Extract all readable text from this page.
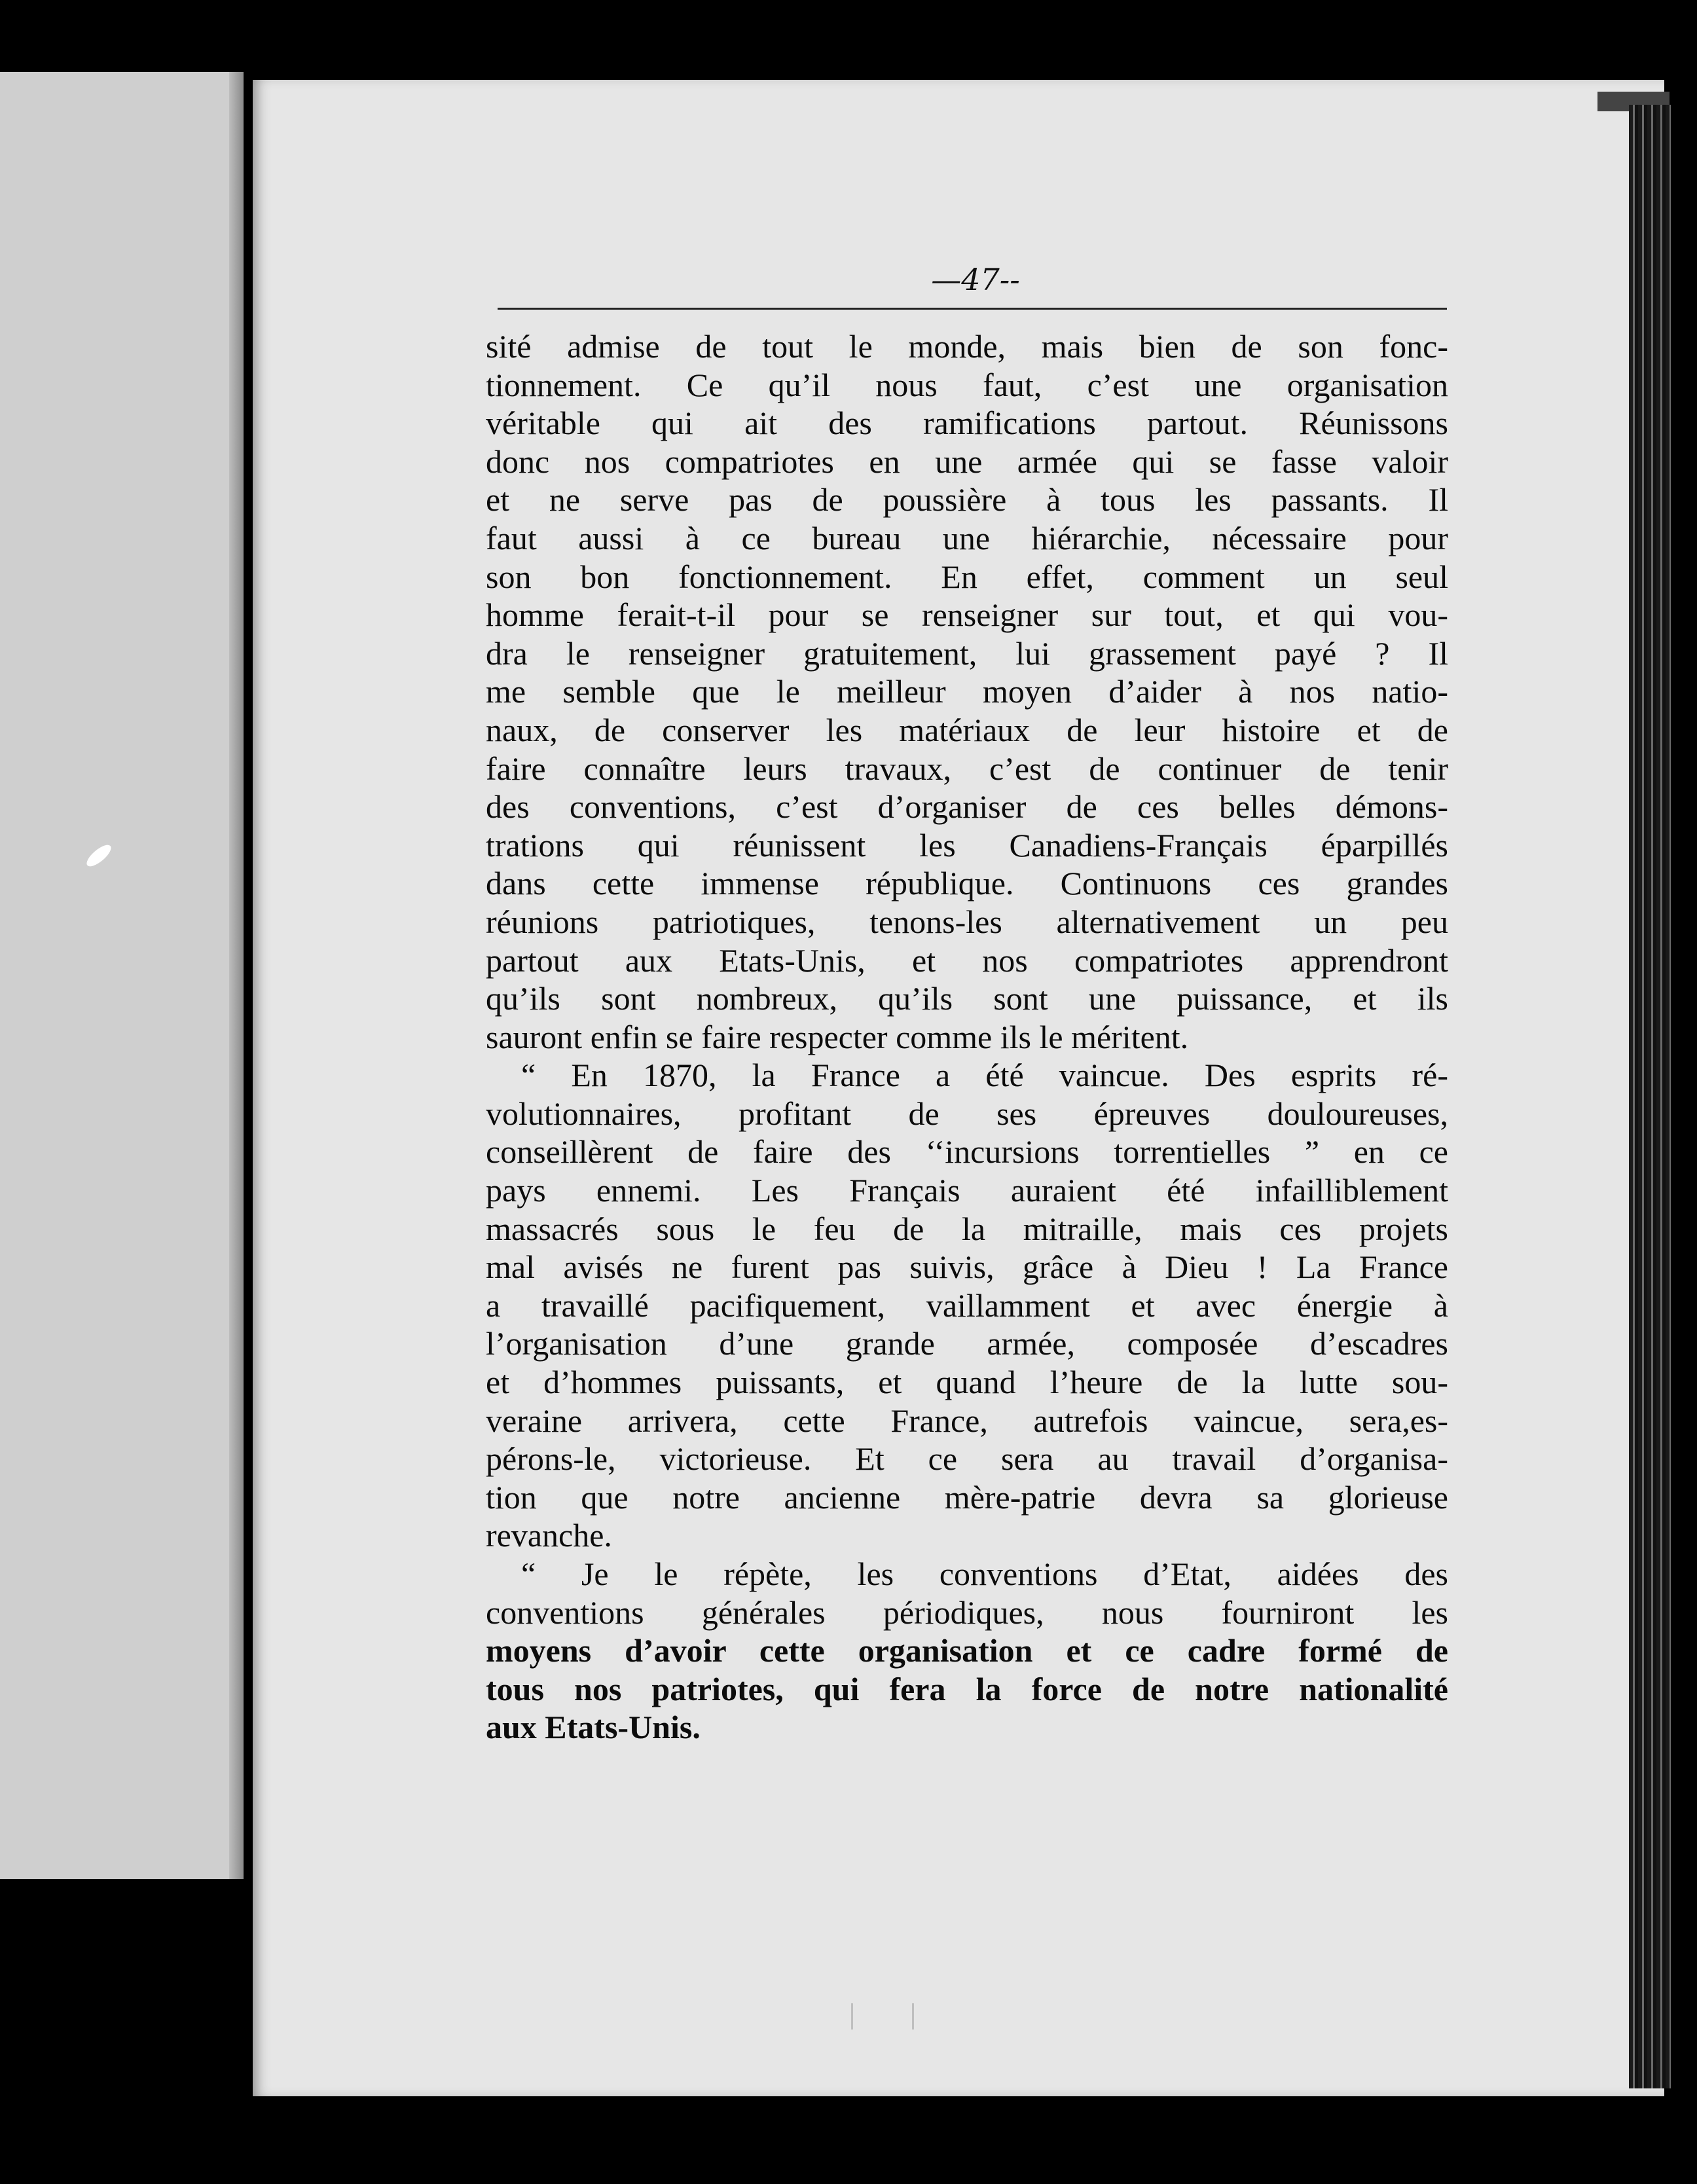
—47--
sité admise de tout le monde, mais bien de son fonc-
tionnement. Ce qu’il nous faut, c’est une organisation
véritable qui ait des ramifications partout. Réunissons
donc nos compatriotes en une armée qui se fasse valoir
et ne serve pas de poussière à tous les passants. Il
faut aussi à ce bureau une hiérarchie, nécessaire pour
son bon fonctionnement. En effet, comment un seul
homme ferait-t-il pour se renseigner sur tout, et qui vou-
dra le renseigner gratuitement, lui grassement payé ? Il
me semble que le meilleur moyen d’aider à nos natio-
naux, de conserver les matériaux de leur histoire et de
faire connaître leurs travaux, c’est de continuer de tenir
des conventions, c’est d’organiser de ces belles démons-
trations qui réunissent les Canadiens-Français éparpillés
dans cette immense république. Continuons ces grandes
réunions patriotiques, tenons-les alternativement un peu
partout aux Etats-Unis, et nos compatriotes apprendront
qu’ils sont nombreux, qu’ils sont une puissance, et ils
sauront enfin se faire respecter comme ils le méritent.
“ En 1870, la France a été vaincue. Des esprits ré-
volutionnaires, profitant de ses épreuves douloureuses,
conseillèrent de faire des ‘‘incursions torrentielles ” en ce
pays ennemi. Les Français auraient été infailliblement
massacrés sous le feu de la mitraille, mais ces projets
mal avisés ne furent pas suivis, grâce à Dieu ! La France
a travaillé pacifiquement, vaillamment et avec énergie à
l’organisation d’une grande armée, composée d’escadres
et d’hommes puissants, et quand l’heure de la lutte sou-
veraine arrivera, cette France, autrefois vaincue, sera,es-
pérons-le, victorieuse. Et ce sera au travail d’organisa-
tion que notre ancienne mère-patrie devra sa glorieuse
revanche.
“ Je le répète, les conventions d’Etat, aidées des
conventions générales périodiques, nous fourniront les
moyens d’avoir cette organisation et ce cadre formé de
tous nos patriotes, qui fera la force de notre nationalité
aux Etats-Unis.
